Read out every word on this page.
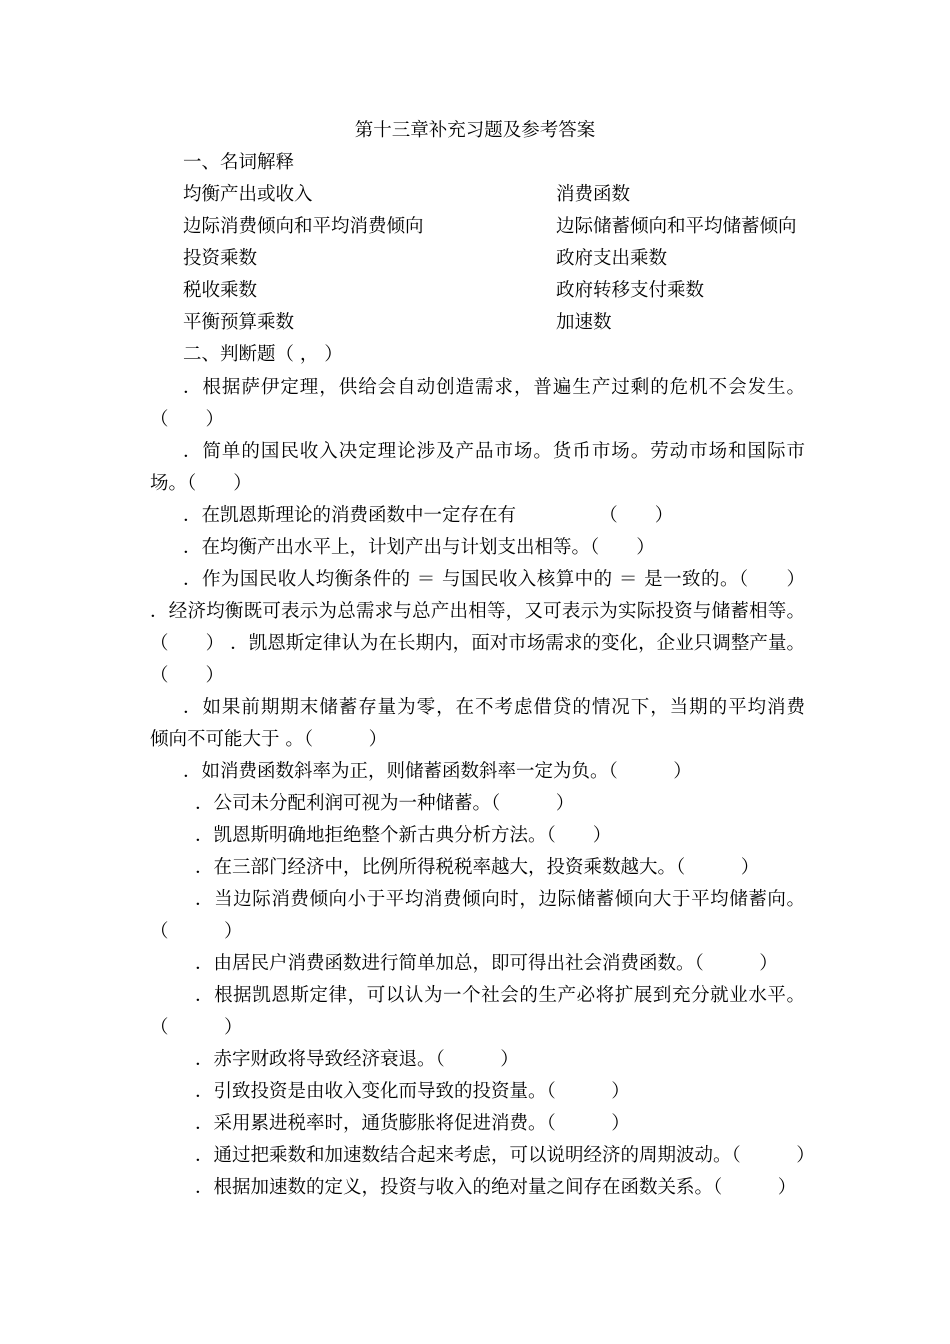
第十三章补充习题及参考答案

一、名词解释

均衡产出或收入	消费函数

边际消费倾向和平均消费倾向	边际储蓄倾向和平均储蓄倾向

投资乘数	政府支出乘数

税收乘数	政府转移支付乘数

平衡预算乘数	加速数

二、判断题（ ， ）

．根据萨伊定理，供给会自动创造需求，普遍生产过剩的危机不会发生。

（　　）

．简单的国民收入决定理论涉及产品市场。货币市场。劳动市场和国际市

场。（　　）

．在凯恩斯理论的消费函数中一定存在有　　　　　（　　）

．在均衡产出水平上，计划产出与计划支出相等。（　　）

．作为国民收人均衡条件的 ＝ 与国民收入核算中的 ＝ 是一致的。（　　）

．经济均衡既可表示为总需求与总产出相等，又可表示为实际投资与储蓄相等。

（　　） ．凯恩斯定律认为在长期内，面对市场需求的变化，企业只调整产量。

（　　）

．如果前期期末储蓄存量为零，在不考虑借贷的情况下，当期的平均消费

倾向不可能大于 。（　　　）

．如消费函数斜率为正，则储蓄函数斜率一定为负。（　　　）

．公司未分配利润可视为一种储蓄。（　　　）

．凯恩斯明确地拒绝整个新古典分析方法。（　　）

．在三部门经济中，比例所得税税率越大，投资乘数越大。（　　　）

．当边际消费倾向小于平均消费倾向时，边际储蓄倾向大于平均储蓄向。

（　　　）

．由居民户消费函数进行简单加总，即可得出社会消费函数。（　　　）

．根据凯恩斯定律，可以认为一个社会的生产必将扩展到充分就业水平。

（　　　）

．赤字财政将导致经济衰退。（　　　）

．引致投资是由收入变化而导致的投资量。（　　　）

．采用累进税率时，通货膨胀将促进消费。（　　　）

．通过把乘数和加速数结合起来考虑，可以说明经济的周期波动。（　　　）

．根据加速数的定义，投资与收入的绝对量之间存在函数关系。（　　　）
